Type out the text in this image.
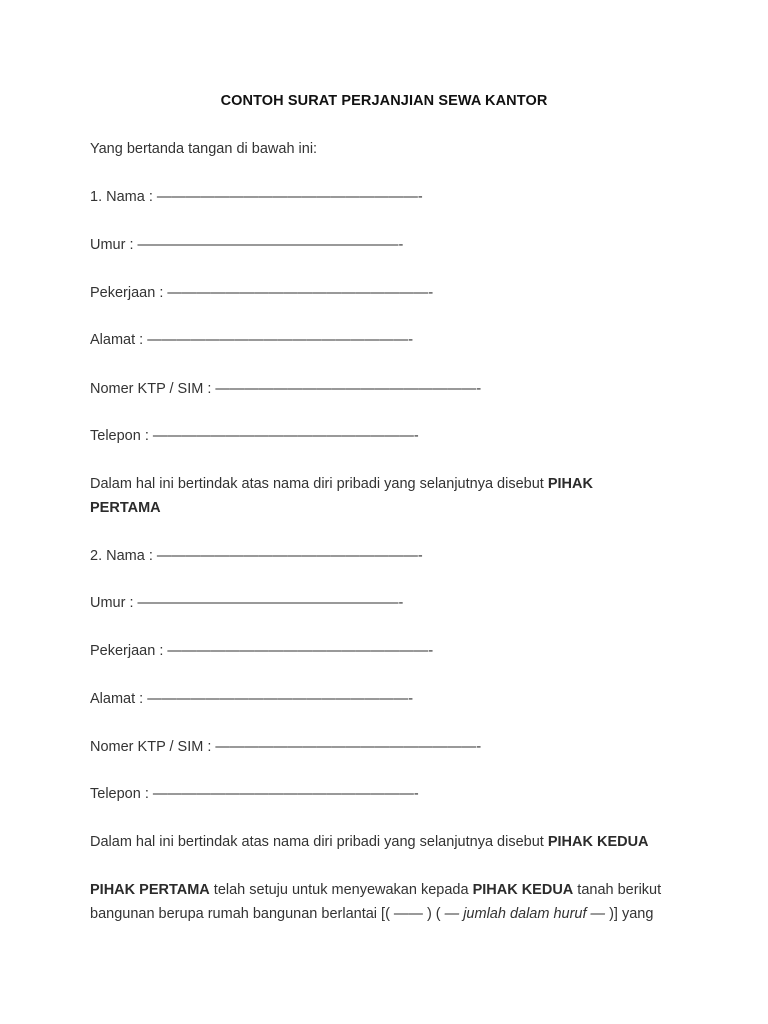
CONTOH SURAT PERJANJIAN SEWA KANTOR
Yang bertanda tangan di bawah ini:
1. Nama : ——————————————————-
Umur : ——————————————————-
Pekerjaan : ——————————————————-
Alamat : ——————————————————-
Nomer KTP / SIM : ——————————————————-
Telepon : ——————————————————-
Dalam hal ini bertindak atas nama diri pribadi yang selanjutnya disebut PIHAK
PERTAMA
2. Nama : ——————————————————-
Umur : ——————————————————-
Pekerjaan : ——————————————————-
Alamat : ——————————————————-
Nomer KTP / SIM : ——————————————————-
Telepon : ——————————————————-
Dalam hal ini bertindak atas nama diri pribadi yang selanjutnya disebut PIHAK KEDUA
PIHAK PERTAMA telah setuju untuk menyewakan kepada PIHAK KEDUA tanah berikut
bangunan berupa rumah bangunan berlantai [( —— ) ( — jumlah dalam huruf — )] yang
